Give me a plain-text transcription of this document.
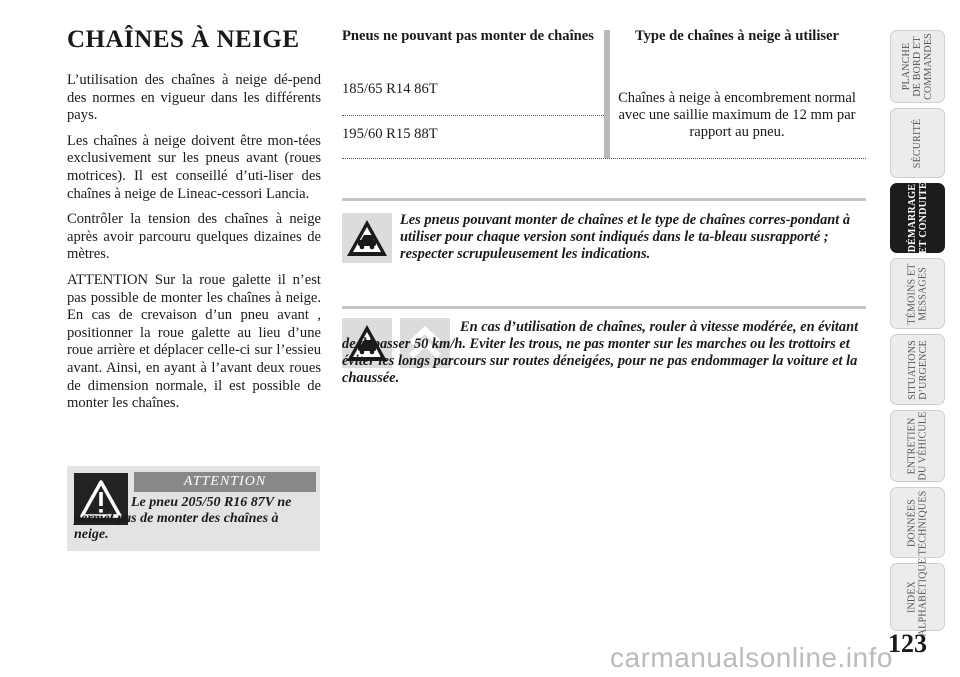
CHAÎNES À NEIGE

L’utilisation des chaînes à neige dé-pend des normes en vigueur dans les différents pays.

Les chaînes à neige doivent être mon-tées exclusivement sur les pneus avant (roues motrices). Il est conseillé d’uti-liser des chaînes à neige de Lineac-cessori Lancia.

Contrôler la tension des chaînes à neige après avoir parcouru quelques dizaines de mètres.

ATTENTION Sur la roue galette il n’est pas possible de monter les chaînes à neige. En cas de crevaison d’un pneu avant , positionner la roue galette au lieu d’une roue arrière et déplacer celle-ci sur l’essieu avant. Ainsi, en ayant à l’avant deux roues de dimension normale, il est possible de monter les chaînes.

ATTENTION
Le pneu 205/50 R16 87V ne permet pas de monter des chaînes à neige.
Pneus ne pouvant pas monter de chaînes	Type de chaînes à neige à utiliser
185/65 R14 86T
195/60 R15 88T
Chaînes à neige à encombrement normal avec une saillie maximum de 12 mm par rapport au pneu.
Les pneus pouvant monter de chaînes et le type de chaînes corres-pondant à utiliser pour chaque version sont indiqués dans le ta-bleau susrapporté ; respecter scrupuleusement les indications.
En cas d’utilisation de chaînes, rouler à vitesse modérée, en évitant de dépasser 50 km/h. Eviter les trous, ne pas monter sur les marches ou les trottoirs et éviter les longs parcours sur routes déneigées, pour ne pas endommager la voiture et la chaussée.
PLANCHE
DE BORD ET
COMMANDES
SÉCURITÉ
DÉMARRAGE
ET CONDUITE
TÉMOINS ET
MESSAGES
SITUATIONS
D’URGENCE
ENTRETIEN
DU VÉHICULE
DONNÉES
TECHNIQUES
INDEX
ALPHABÉTIQUE
123
carmanualsonline.info
